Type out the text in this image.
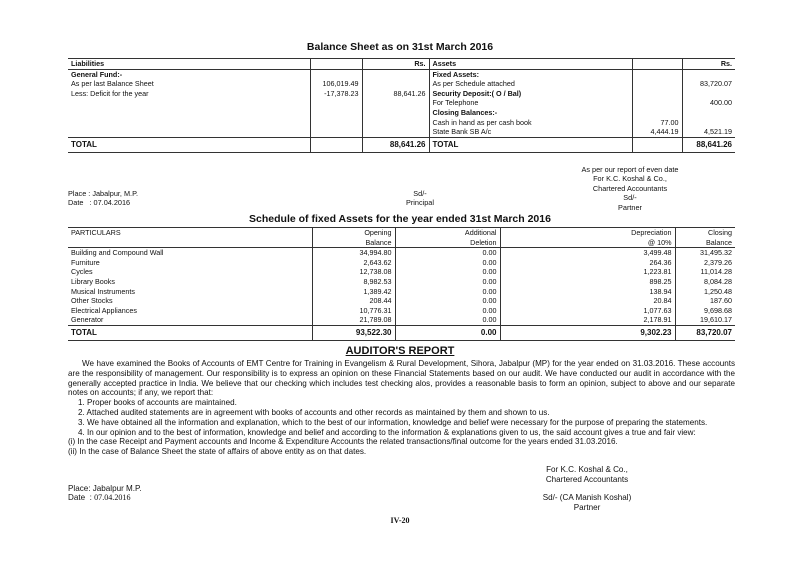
Balance Sheet as on 31st March 2016
Liabilities		Rs.	Assets		Rs.
General Fund:-			Fixed Assets:		
As per last Balance Sheet	106,019.49		As per Schedule attached		83,720.07
Less: Deficit for the year	-17,378.23	88,641.26	Security Deposit:( O / Bal)		
			For Telephone		400.00
			Closing Balances:-		
			Cash in hand as per cash book	77.00	
			State Bank SB A/c	4,444.19	4,521.19
TOTAL		88,641.26	TOTAL		88,641.26
As per our report of even date
For K.C. Koshal & Co.,
Chartered Accountants
Sd/-
Partner
Place : Jabalpur, M.P.
Date   : 07.04.2016
Sd/-
Principal
Schedule of fixed Assets for the year ended 31st March 2016
PARTICULARS	Opening	Additional	Depreciation	Closing
	Balance	Deletion	@ 10%	Balance
Building and Compound Wall	34,994.80	0.00	3,499.48	31,495.32
Furniture	2,643.62	0.00	264.36	2,379.26
Cycles	12,738.08	0.00	1,223.81	11,014.28
Library Books	8,982.53	0.00	898.25	8,084.28
Musical Instruments	1,389.42	0.00	138.94	1,250.48
Other Stocks	208.44	0.00	20.84	187.60
Electrical Appliances	10,776.31	0.00	1,077.63	9,698.68
Generator	21,789.08	0.00	2,178.91	19,610.17
TOTAL	93,522.30	0.00	9,302.23	83,720.07
AUDITOR'S REPORT
We have examined the Books of Accounts of EMT Centre for Training in Evangelism & Rural Development, Sihora, Jabalpur (MP) for the year ended on 31.03.2016. These accounts are the responsibility of management. Our responsibility is to express an opinion on these Financial Statements based on our audit. We have conducted our audit in accordance with the generally accepted practice in India. We believe that our checking which includes test checking alos, provides a reasonable basis to form an opinion, subject to above and our separate notes on accounts; if any, we report that:
1. Proper books of accounts are maintained.
2. Attached audited statements are in agreement with books of accounts and other records as maintained by them and shown to us.
3. We have obtained all the information and explanation, which to the best of our information, knowledge and belief were necessary for the purpose of preparing the statements.
4. In our opinion and to the best of information, knowledge and belief and according to the information & explanations given to us, the said account gives a true and fair view:
(i) In the case Receipt and Payment accounts and Income & Expenditure Accounts the related transactions/final outcome for the years ended 31.03.2016.
(ii) In the case of Balance Sheet the state of affairs of above entity as on that dates.
For K.C. Koshal & Co.,
Chartered Accountants
Place: Jabalpur M.P.
Date  : 07.04.2016	Sd/- (CA Manish Koshal)
Partner
IV-20
